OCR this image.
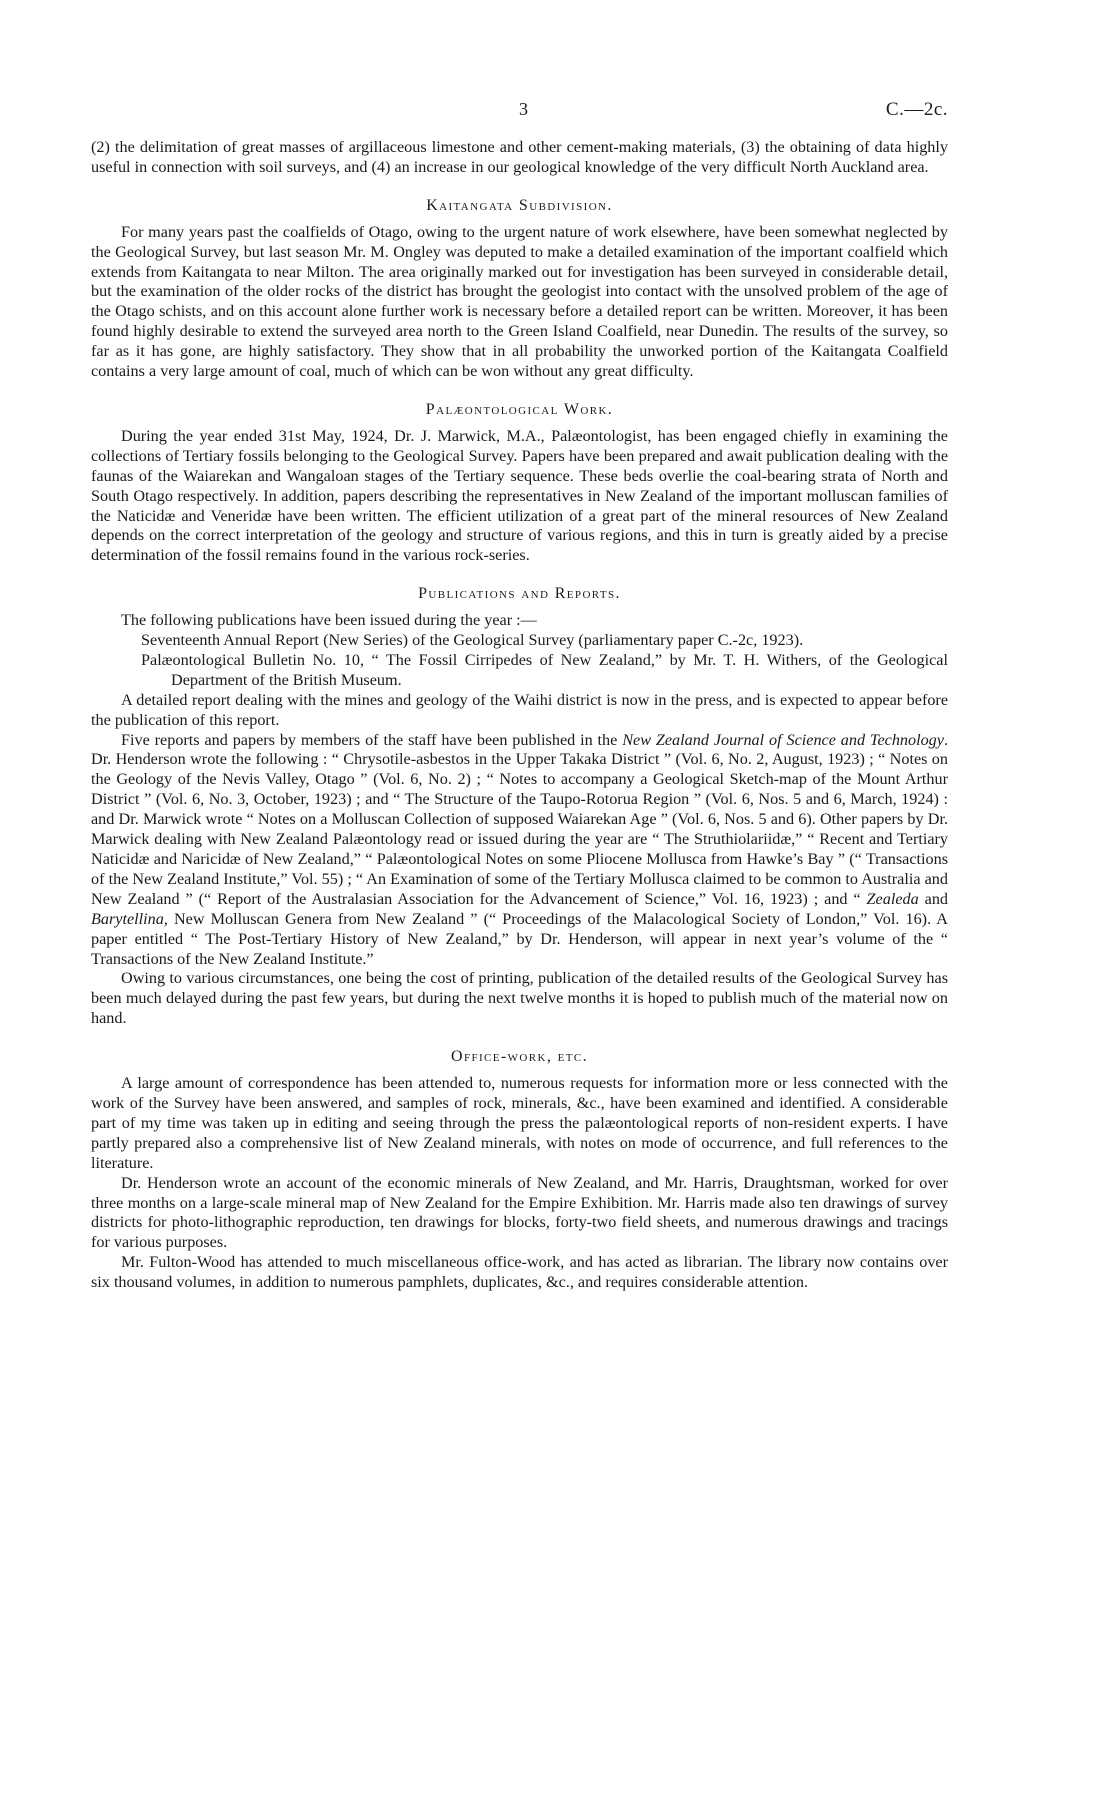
3	C.—2c.

(2) the delimitation of great masses of argillaceous limestone and other cement-making materials, (3) the obtaining of data highly useful in connection with soil surveys, and (4) an increase in our geological knowledge of the very difficult North Auckland area.

Kaitangata Subdivision.

For many years past the coalfields of Otago, owing to the urgent nature of work elsewhere, have been somewhat neglected by the Geological Survey, but last season Mr. M. Ongley was deputed to make a detailed examination of the important coalfield which extends from Kaitangata to near Milton. The area originally marked out for investigation has been surveyed in considerable detail, but the examination of the older rocks of the district has brought the geologist into contact with the unsolved problem of the age of the Otago schists, and on this account alone further work is necessary before a detailed report can be written. Moreover, it has been found highly desirable to extend the surveyed area north to the Green Island Coalfield, near Dunedin. The results of the survey, so far as it has gone, are highly satisfactory. They show that in all probability the unworked portion of the Kaitangata Coalfield contains a very large amount of coal, much of which can be won without any great difficulty.

Palæontological Work.

During the year ended 31st May, 1924, Dr. J. Marwick, M.A., Palæontologist, has been engaged chiefly in examining the collections of Tertiary fossils belonging to the Geological Survey. Papers have been prepared and await publication dealing with the faunas of the Waiarekan and Wangaloan stages of the Tertiary sequence. These beds overlie the coal-bearing strata of North and South Otago respectively. In addition, papers describing the representatives in New Zealand of the important molluscan families of the Naticidæ and Veneridæ have been written. The efficient utilization of a great part of the mineral resources of New Zealand depends on the correct interpretation of the geology and structure of various regions, and this in turn is greatly aided by a precise determination of the fossil remains found in the various rock-series.

Publications and Reports.

The following publications have been issued during the year :—

Seventeenth Annual Report (New Series) of the Geological Survey (parliamentary paper C.-2c, 1923).

Palæontological Bulletin No. 10, “ The Fossil Cirripedes of New Zealand,” by Mr. T. H. Withers, of the Geological Department of the British Museum.

A detailed report dealing with the mines and geology of the Waihi district is now in the press, and is expected to appear before the publication of this report.

Five reports and papers by members of the staff have been published in the New Zealand Journal of Science and Technology. Dr. Henderson wrote the following : “ Chrysotile-asbestos in the Upper Takaka District ” (Vol. 6, No. 2, August, 1923) ; “ Notes on the Geology of the Nevis Valley, Otago ” (Vol. 6, No. 2) ; “ Notes to accompany a Geological Sketch-map of the Mount Arthur District ” (Vol. 6, No. 3, October, 1923) ; and “ The Structure of the Taupo-Rotorua Region ” (Vol. 6, Nos. 5 and 6, March, 1924) : and Dr. Marwick wrote “ Notes on a Molluscan Collection of supposed Waiarekan Age ” (Vol. 6, Nos. 5 and 6). Other papers by Dr. Marwick dealing with New Zealand Palæontology read or issued during the year are “ The Struthiolariidæ,” “ Recent and Tertiary Naticidæ and Naricidæ of New Zealand,” “ Palæontological Notes on some Pliocene Mollusca from Hawke’s Bay ” (“ Transactions of the New Zealand Institute,” Vol. 55) ; “ An Examination of some of the Tertiary Mollusca claimed to be common to Australia and New Zealand ” (“ Report of the Australasian Association for the Advancement of Science,” Vol. 16, 1923) ; and “ Zealeda and Barytellina, New Molluscan Genera from New Zealand ” (“ Proceedings of the Malacological Society of London,” Vol. 16). A paper entitled “ The Post-Tertiary History of New Zealand,” by Dr. Henderson, will appear in next year’s volume of the “ Transactions of the New Zealand Institute.”

Owing to various circumstances, one being the cost of printing, publication of the detailed results of the Geological Survey has been much delayed during the past few years, but during the next twelve months it is hoped to publish much of the material now on hand.

Office-work, etc.

A large amount of correspondence has been attended to, numerous requests for information more or less connected with the work of the Survey have been answered, and samples of rock, minerals, &c., have been examined and identified. A considerable part of my time was taken up in editing and seeing through the press the palæontological reports of non-resident experts. I have partly prepared also a comprehensive list of New Zealand minerals, with notes on mode of occurrence, and full references to the literature.

Dr. Henderson wrote an account of the economic minerals of New Zealand, and Mr. Harris, Draughtsman, worked for over three months on a large-scale mineral map of New Zealand for the Empire Exhibition. Mr. Harris made also ten drawings of survey districts for photo-lithographic reproduction, ten drawings for blocks, forty-two field sheets, and numerous drawings and tracings for various purposes.

Mr. Fulton-Wood has attended to much miscellaneous office-work, and has acted as librarian. The library now contains over six thousand volumes, in addition to numerous pamphlets, duplicates, &c., and requires considerable attention.
